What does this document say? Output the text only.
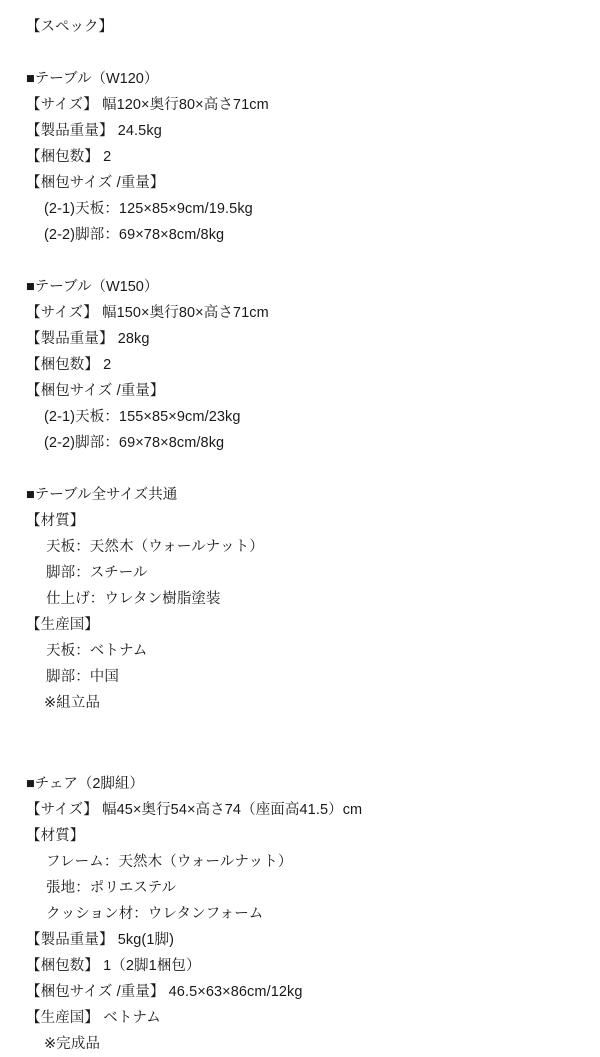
【スペック】
■テーブル（W120）
【サイズ】 幅120×奥行80×高さ71cm
【製品重量】 24.5kg
【梱包数】 2
【梱包サイズ /重量】
(2-1)天板：125×85×9cm/19.5kg
(2-2)脚部：69×78×8cm/8kg
■テーブル（W150）
【サイズ】 幅150×奥行80×高さ71cm
【製品重量】 28kg
【梱包数】 2
【梱包サイズ /重量】
(2-1)天板：155×85×9cm/23kg
(2-2)脚部：69×78×8cm/8kg
■テーブル全サイズ共通
【材質】
天板：天然木（ウォールナット）
脚部：スチール
仕上げ：ウレタン樹脂塗装
【生産国】
天板：ベトナム
脚部：中国
※組立品
■チェア（2脚組）
【サイズ】 幅45×奥行54×高さ74（座面高41.5）cm
【材質】
フレーム：天然木（ウォールナット）
張地：ポリエステル
クッション材：ウレタンフォーム
【製品重量】 5kg(1脚)
【梱包数】 1（2脚1梱包）
【梱包サイズ /重量】 46.5×63×86cm/12kg
【生産国】 ベトナム
※完成品
